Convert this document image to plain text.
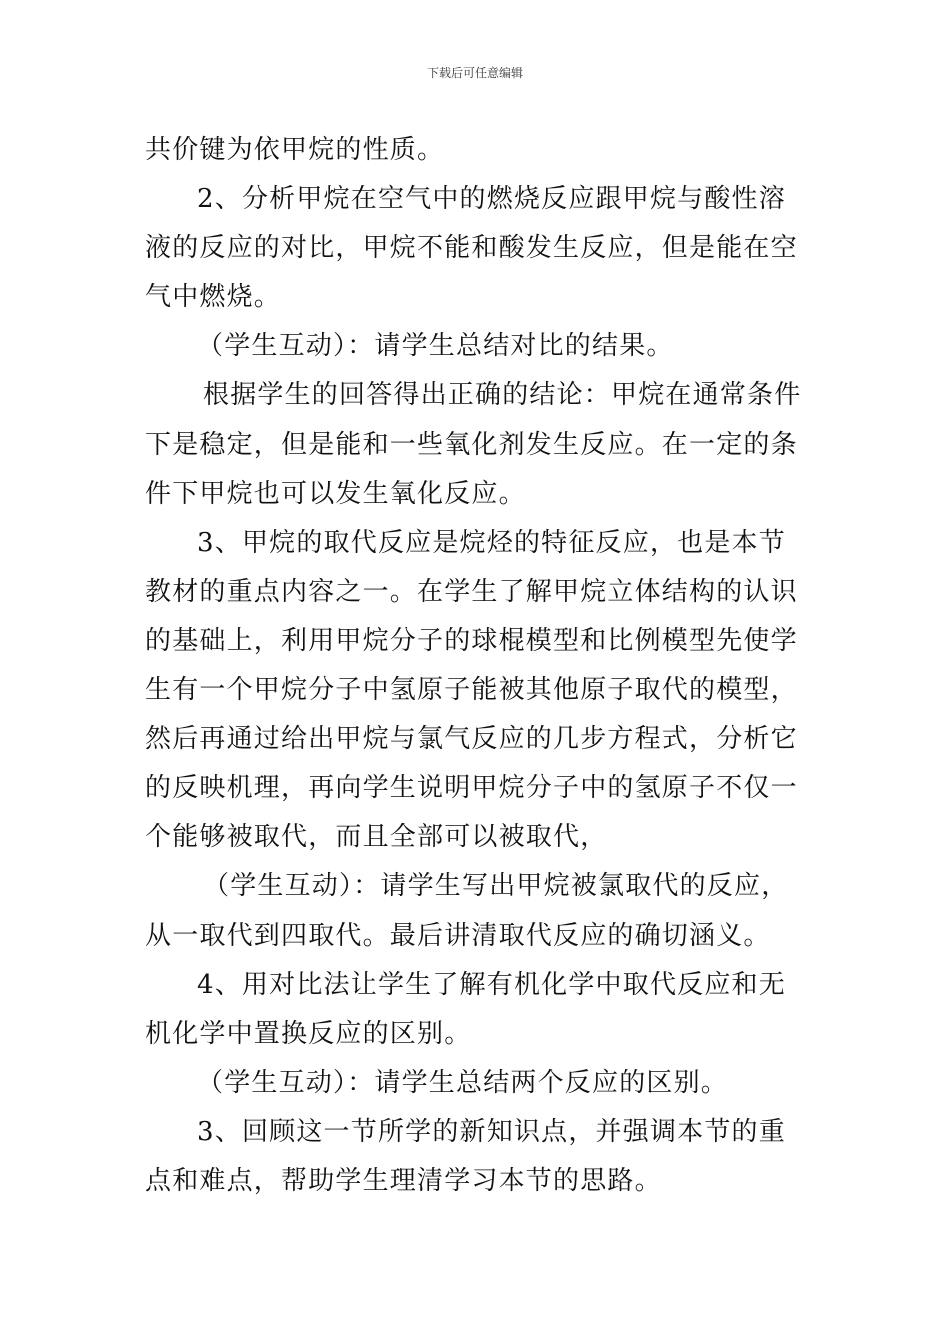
下载后可任意编辑

共价键为依甲烷的性质。

2、分析甲烷在空气中的燃烧反应跟甲烷与酸性溶液的反应的对比，甲烷不能和酸发生反应，但是能在空气中燃烧。

（学生互动）：请学生总结对比的结果。

根据学生的回答得出正确的结论：甲烷在通常条件下是稳定，但是能和一些氧化剂发生反应。在一定的条件下甲烷也可以发生氧化反应。

3、甲烷的取代反应是烷烃的特征反应，也是本节教材的重点内容之一。在学生了解甲烷立体结构的认识的基础上，利用甲烷分子的球棍模型和比例模型先使学生有一个甲烷分子中氢原子能被其他原子取代的模型，然后再通过给出甲烷与氯气反应的几步方程式，分析它的反映机理，再向学生说明甲烷分子中的氢原子不仅一个能够被取代，而且全部可以被取代，

（学生互动）：请学生写出甲烷被氯取代的反应，从一取代到四取代。最后讲清取代反应的确切涵义。

4、用对比法让学生了解有机化学中取代反应和无机化学中置换反应的区别。

（学生互动）：请学生总结两个反应的区别。

3、回顾这一节所学的新知识点，并强调本节的重点和难点，帮助学生理清学习本节的思路。
